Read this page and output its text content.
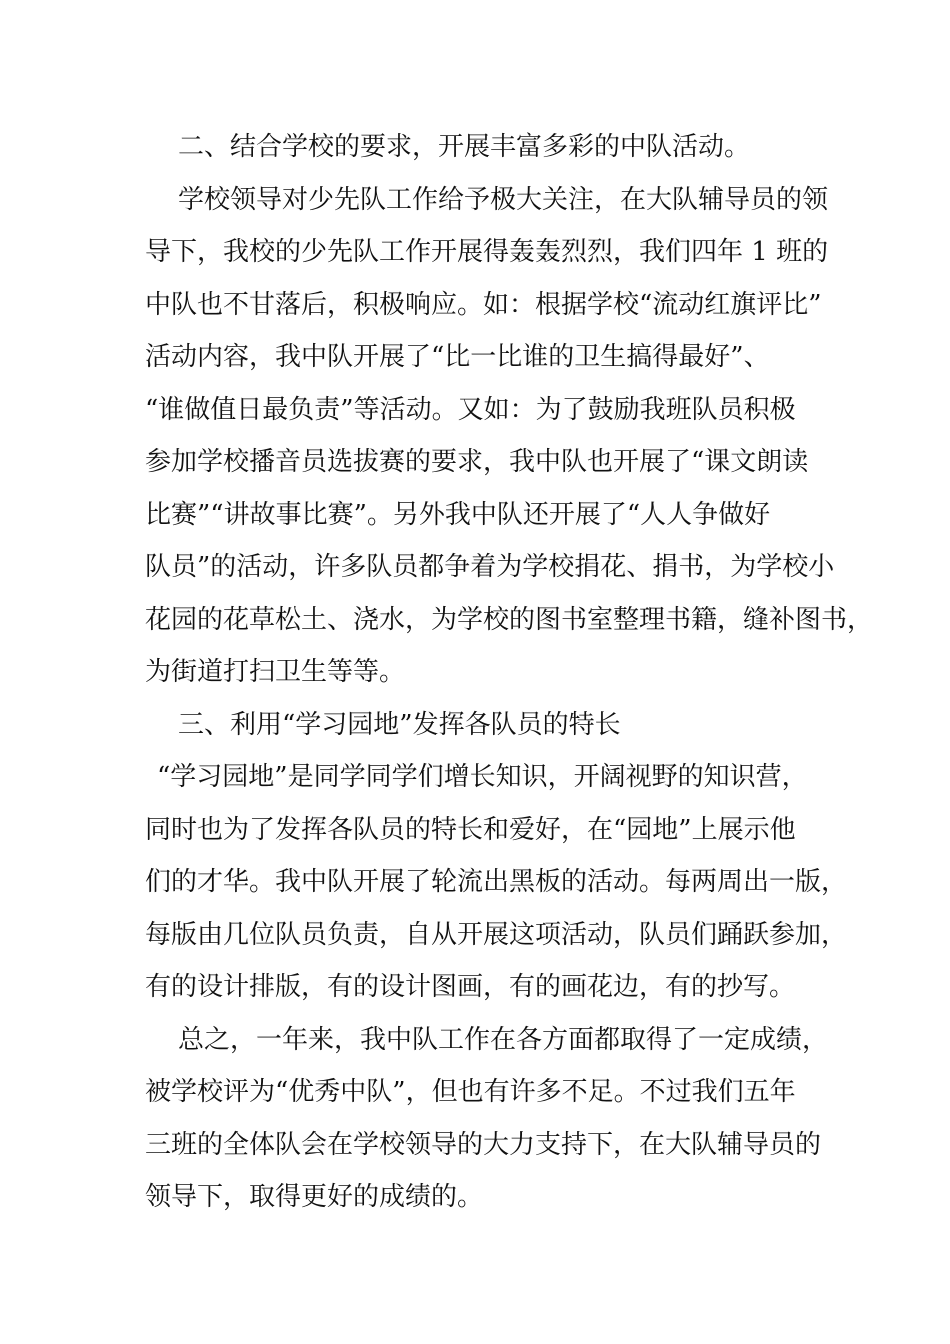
二、结合学校的要求，开展丰富多彩的中队活动。
学校领导对少先队工作给予极大关注，在大队辅导员的领
导下，我校的少先队工作开展得轰轰烈烈，我们四年 1 班的
中队也不甘落后，积极响应。如：根据学校“流动红旗评比”
活动内容，我中队开展了“比一比谁的卫生搞得最好”、
“谁做值日最负责”等活动。又如：为了鼓励我班队员积极
参加学校播音员选拔赛的要求，我中队也开展了“课文朗读
比赛”“讲故事比赛”。另外我中队还开展了“人人争做好
队员”的活动，许多队员都争着为学校捐花、捐书，为学校小
花园的花草松土、浇水，为学校的图书室整理书籍，缝补图书，
为街道打扫卫生等等。
三、利用“学习园地”发挥各队员的特长
“学习园地”是同学同学们增长知识，开阔视野的知识营，
同时也为了发挥各队员的特长和爱好，在“园地”上展示他
们的才华。我中队开展了轮流出黑板的活动。每两周出一版，
每版由几位队员负责，自从开展这项活动，队员们踊跃参加，
有的设计排版，有的设计图画，有的画花边，有的抄写。
总之，一年来，我中队工作在各方面都取得了一定成绩，
被学校评为“优秀中队”，但也有许多不足。不过我们五年
三班的全体队会在学校领导的大力支持下，在大队辅导员的
领导下，取得更好的成绩的。
